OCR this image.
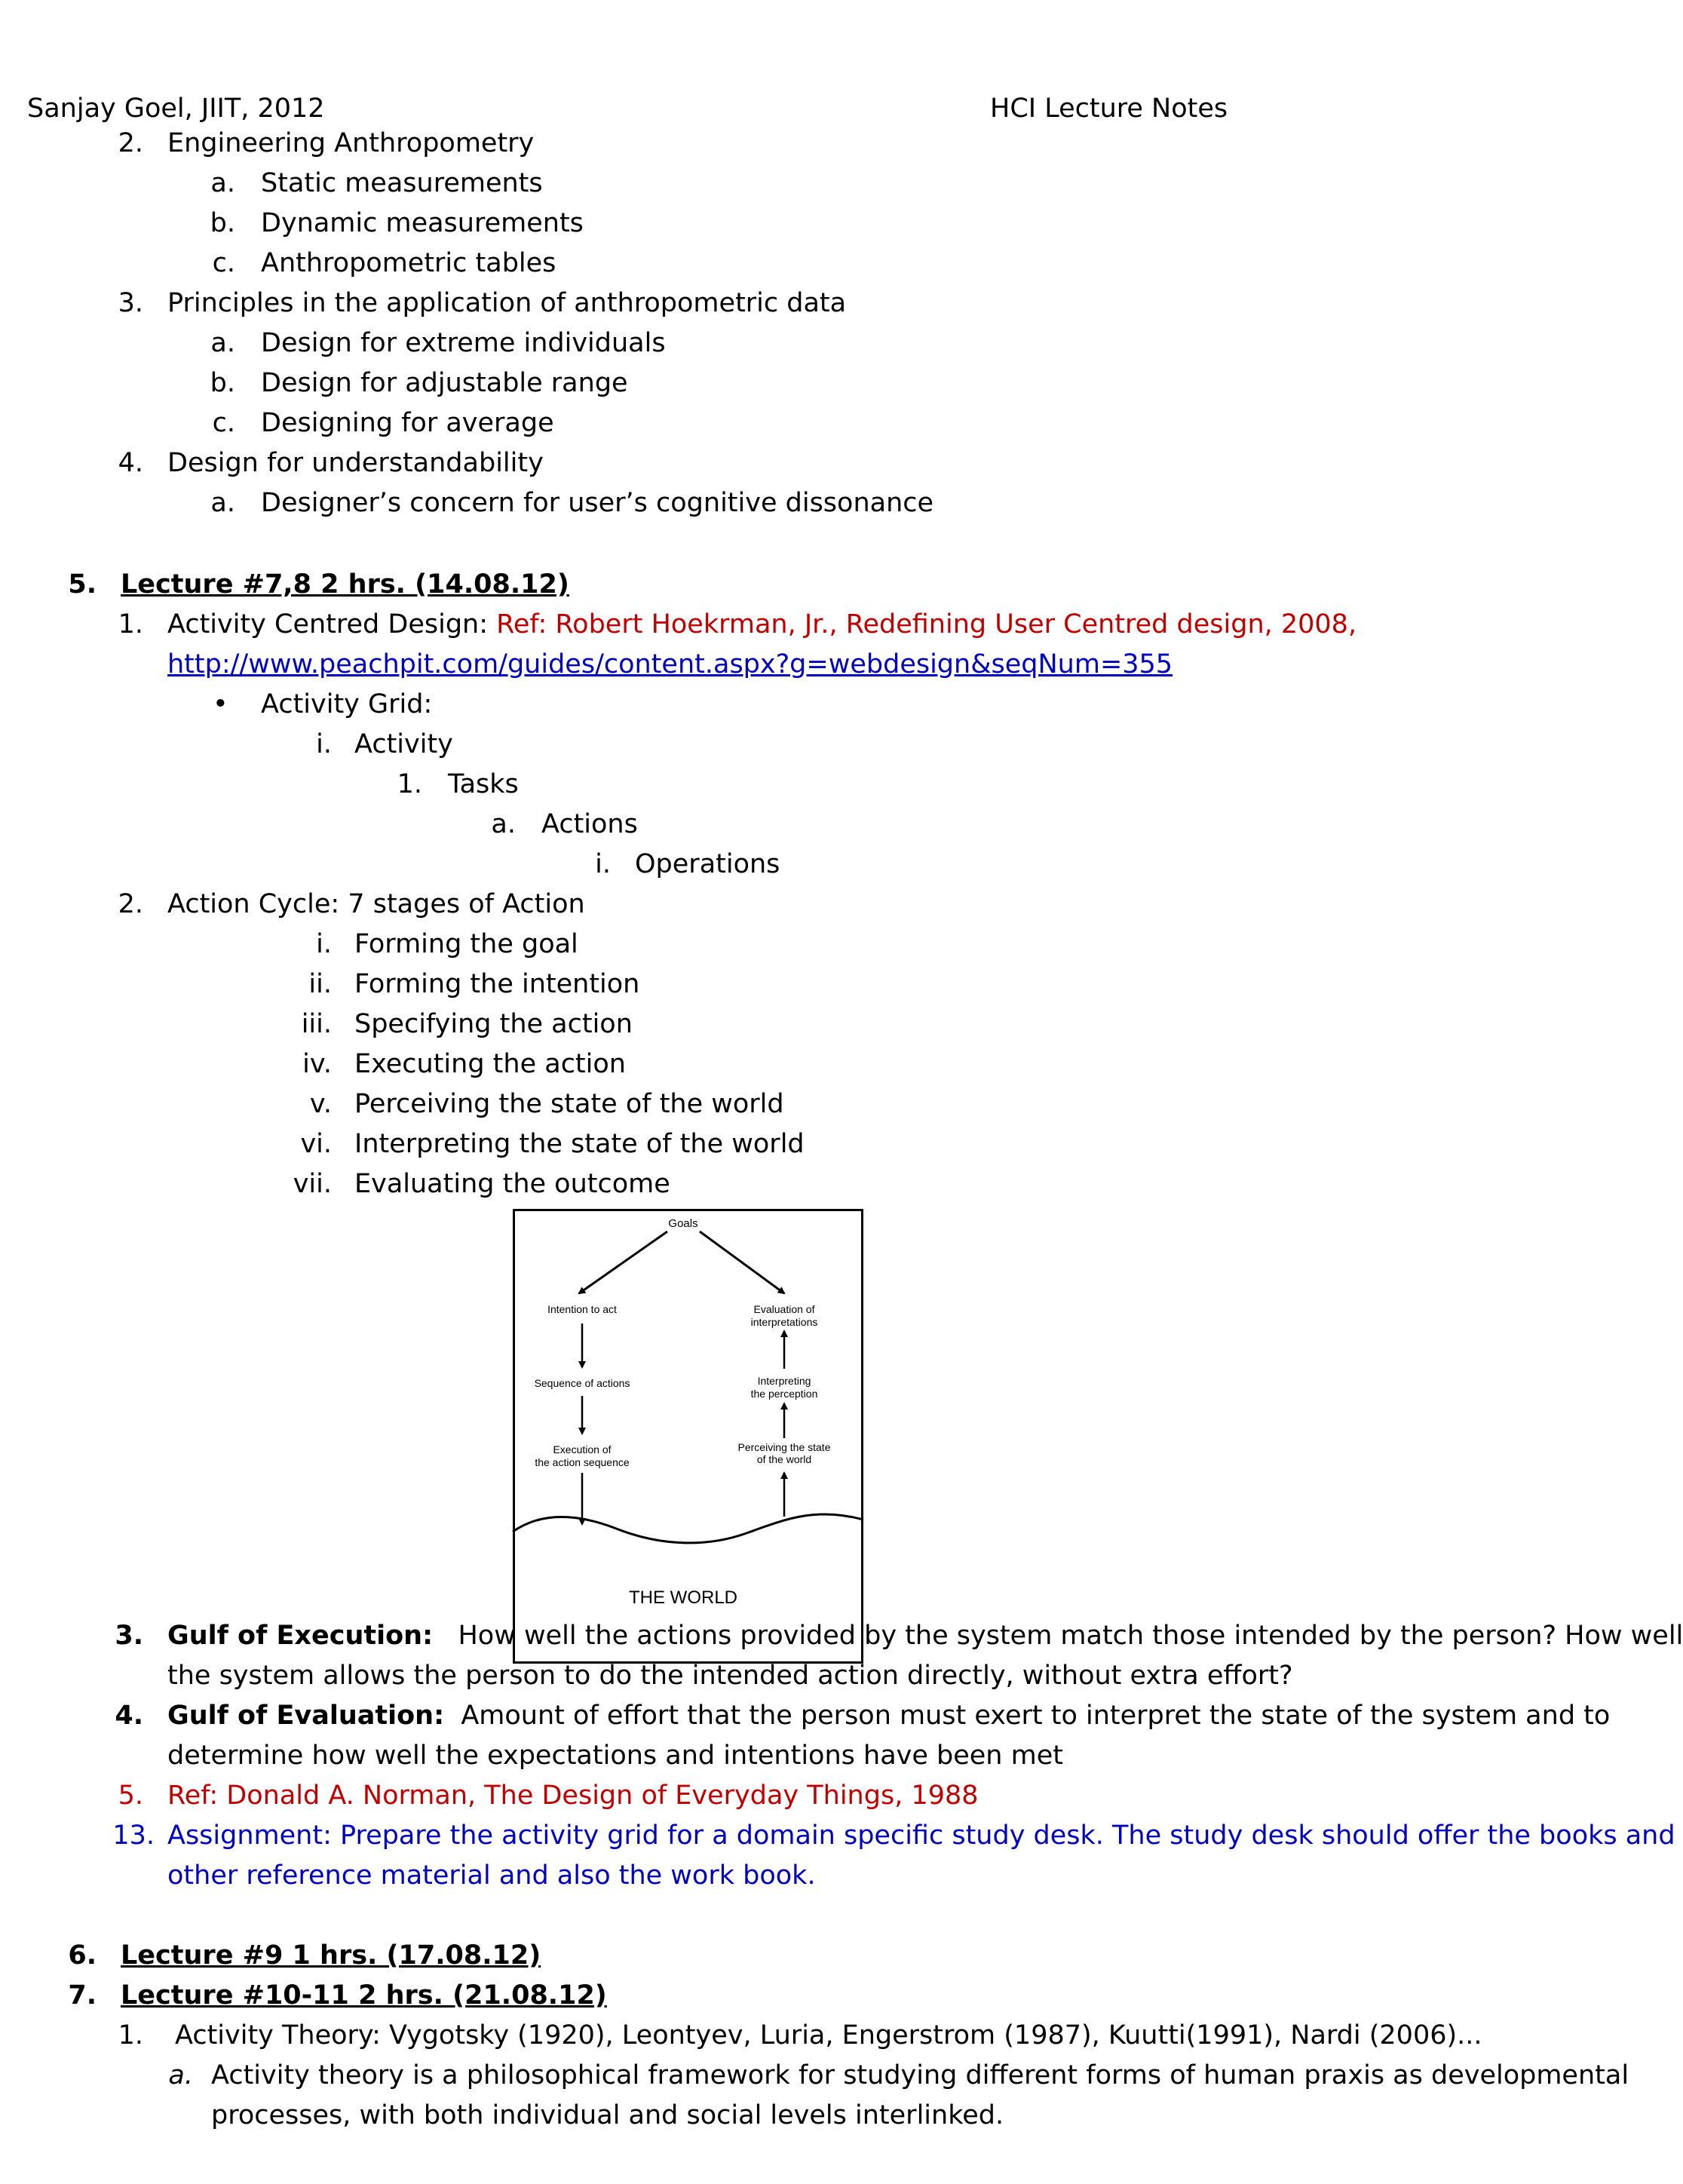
Sanjay Goel, JIIT, 2012	HCI Lecture Notes
2. Engineering Anthropometry
a. Static measurements
b. Dynamic measurements
c. Anthropometric tables
3. Principles in the application of anthropometric data
a. Design for extreme individuals
b. Design for adjustable range
c. Designing for average
4. Design for understandability
a. Designer’s concern for user’s cognitive dissonance
5. Lecture #7,8 2 hrs. (14.08.12)
1. Activity Centred Design: Ref: Robert Hoekrman, Jr., Redefining User Centred design, 2008,
http://www.peachpit.com/guides/content.aspx?g=webdesign&seqNum=355
• Activity Grid:
i. Activity
1. Tasks
a. Actions
i. Operations
2. Action Cycle: 7 stages of Action
i. Forming the goal
ii. Forming the intention
iii. Specifying the action
iv. Executing the action
v. Perceiving the state of the world
vi. Interpreting the state of the world
vii. Evaluating the outcome
Goals
Intention to act	Evaluation of
interpretations
Sequence of actions	Interpreting
the perception
Execution of
the action sequence
Perceiving the state
of the world
THE WORLD
3. Gulf of Execution: How well the actions provided by the system match those intended by the person? How well
the system allows the person to do the intended action directly, without extra effort?
4. Gulf of Evaluation: Amount of effort that the person must exert to interpret the state of the system and to
determine how well the expectations and intentions have been met
5. Ref: Donald A. Norman, The Design of Everyday Things, 1988
13. Assignment: Prepare the activity grid for a domain specific study desk. The study desk should offer the books and
other reference material and also the work book.
6. Lecture #9 1 hrs. (17.08.12)
7. Lecture #10-11 2 hrs. (21.08.12)
1. Activity Theory: Vygotsky (1920), Leontyev, Luria, Engerstrom (1987), Kuutti(1991), Nardi (2006)...
a. Activity theory is a philosophical framework for studying different forms of human praxis as developmental
processes, with both individual and social levels interlinked.
